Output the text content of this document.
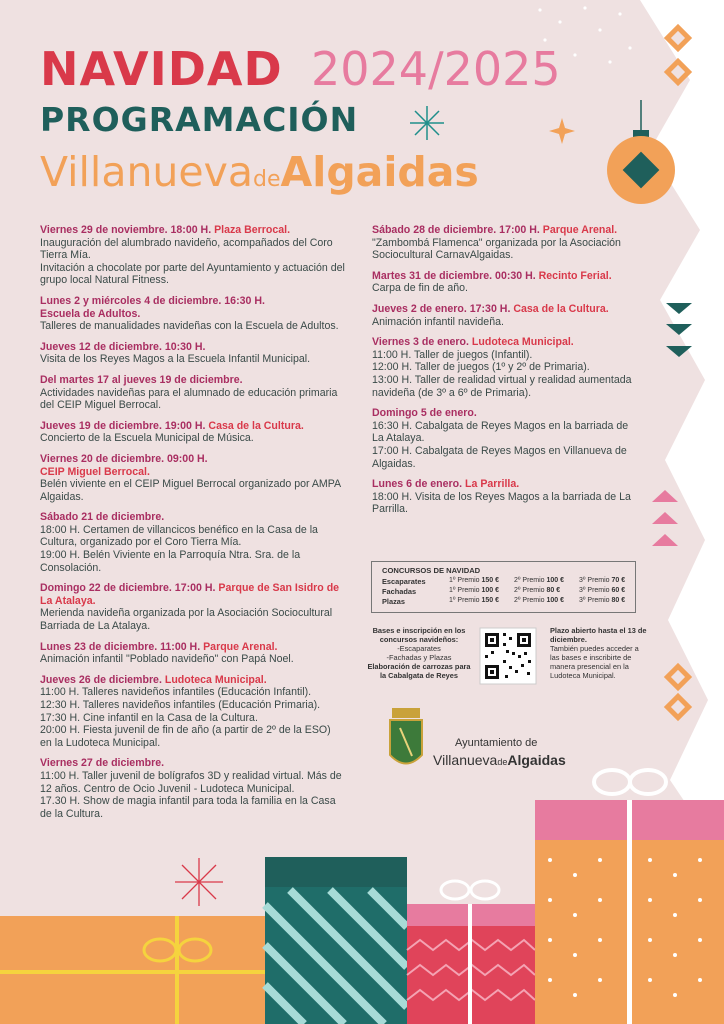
NAVIDAD 2024/2025
PROGRAMACIÓN
VillanuevadeAlgaidas
Viernes 29 de noviembre. 18:00 H. Plaza Berrocal.
Inauguración del alumbrado navideño, acompañados del Coro Tierra Mía.
Invitación a chocolate por parte del Ayuntamiento y actuación del grupo local Natural Fitness.
Lunes 2 y miércoles 4 de diciembre. 16:30 H.
Escuela de Adultos.
Talleres de manualidades navideñas con la Escuela de Adultos.
Jueves 12 de diciembre. 10:30 H.
Visita de los Reyes Magos a la Escuela Infantil Municipal.
Del martes 17 al jueves 19 de diciembre.
Actividades navideñas para el alumnado de educación primaria del CEIP Miguel Berrocal.
Jueves 19 de diciembre. 19:00 H. Casa de la Cultura.
Concierto de la Escuela Municipal de Música.
Viernes 20 de diciembre. 09:00 H.
CEIP Miguel Berrocal.
Belén viviente en el CEIP Miguel Berrocal organizado por AMPA Algaidas.
Sábado 21 de diciembre.
18:00 H. Certamen de villancicos benéfico en la Casa de la Cultura, organizado por el Coro Tierra Mía.
19:00 H. Belén Viviente en la Parroquía Ntra. Sra. de la Consolación.
Domingo 22 de diciembre. 17:00 H. Parque de San Isidro de La Atalaya.
Merienda navideña organizada por la Asociación Sociocultural Barriada de La Atalaya.
Lunes 23 de diciembre. 11:00 H. Parque Arenal.
Animación infantil "Poblado navideño" con Papá Noel.
Jueves 26 de diciembre. Ludoteca Municipal.
11:00 H. Talleres navideños infantiles (Educación Infantil).
12:30 H. Talleres navideños infantiles (Educación Primaria).
17:30 H. Cine infantil en la Casa de la Cultura.
20:00 H. Fiesta juvenil de fin de año (a partir de 2º de la ESO) en la Ludoteca Municipal.
Viernes 27 de diciembre.
11:00 H. Taller juvenil de bolígrafos 3D y realidad virtual. Más de 12 años. Centro de Ocio Juvenil - Ludoteca Municipal.
17.30 H. Show de magia infantil para toda la familia en la Casa de la Cultura.
Sábado 28 de diciembre. 17:00 H. Parque Arenal.
"Zambombá Flamenca" organizada por la Asociación Sociocultural CarnavAlgaidas.
Martes 31 de diciembre. 00:30 H. Recinto Ferial.
Carpa de fin de año.
Jueves 2 de enero. 17:30 H. Casa de la Cultura.
Animación infantil navideña.
Viernes 3 de enero. Ludoteca Municipal.
11:00 H. Taller de juegos (Infantil).
12:00 H. Taller de juegos (1º y 2º de Primaria).
13:00 H. Taller de realidad virtual y realidad aumentada navideña (de 3º a 6º de Primaria).
Domingo 5 de enero.
16:30 H. Cabalgata de Reyes Magos en la barriada de La Atalaya.
17:00 H. Cabalgata de Reyes Magos en Villanueva de Algaidas.
Lunes 6 de enero. La Parrilla.
18:00 H. Visita de los Reyes Magos a la barriada de La Parrilla.
CONCURSOS DE NAVIDAD
Escaparates	1º Premio 150 € 2º Premio 100 € 3º Premio 70 €
Fachadas	1º Premio 100 € 2º Premio 80 €	3º Premio 60 €
Plazas	1º Premio 150 € 2º Premio 100 € 3º Premio 80 €
Bases e inscripción en los concursos navideños:
-Escaparates
-Fachadas y Plazas
Elaboración de carrozas para la Cabalgata de Reyes
Plazo abierto hasta el 13 de diciembre.
También puedes acceder a las bases e inscribirte de manera presencial en la Ludoteca Municipal.
Ayuntamiento de
VillanuevadeAlgaidas
